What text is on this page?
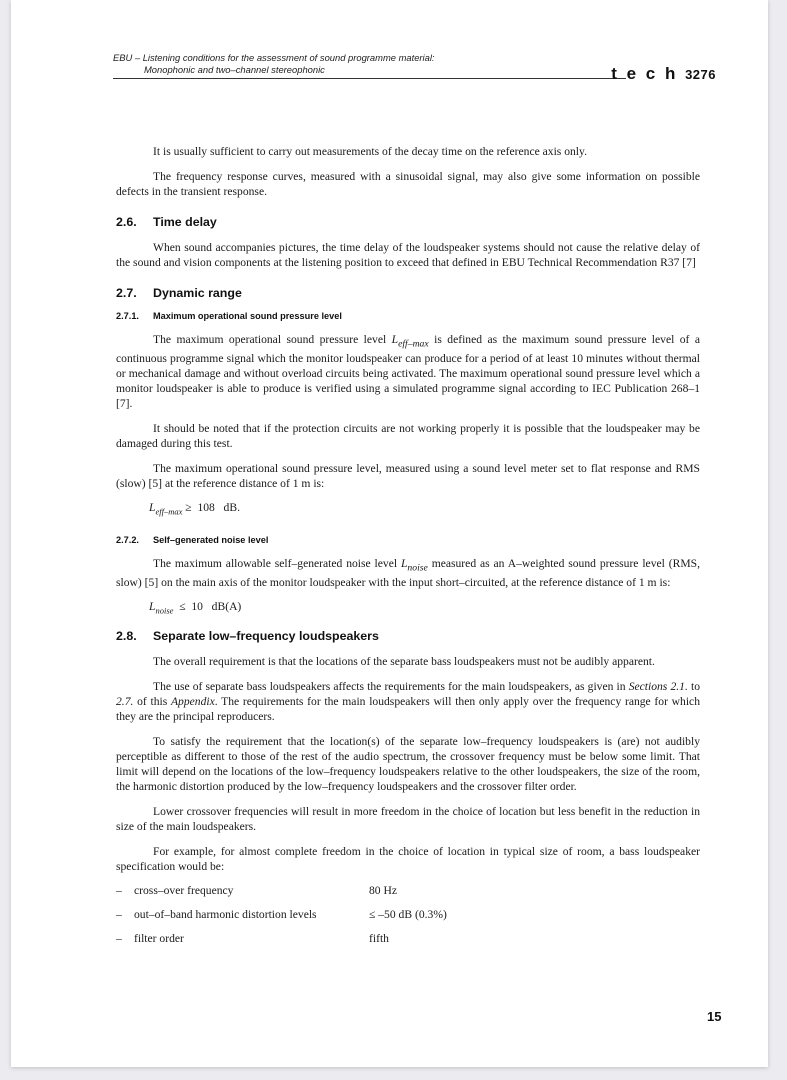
EBU – Listening conditions for the assessment of sound programme material:
Monophonic and two–channel stereophonic	t e c h 3276

It is usually sufficient to carry out measurements of the decay time on the reference axis only.

The frequency response curves, measured with a sinusoidal signal, may also give some information on possible defects in the transient response.

2.6. Time delay

When sound accompanies pictures, the time delay of the loudspeaker systems should not cause the relative delay of the sound and vision components at the listening position to exceed that defined in EBU Technical Recommendation R37 [7]

2.7. Dynamic range
2.7.1. Maximum operational sound pressure level

The maximum operational sound pressure level $L_{eff-max}$ is defined as the maximum sound pressure level of a continuous programme signal which the monitor loudspeaker can produce for a period of at least 10 minutes without thermal or mechanical damage and without overload circuits being activated. The maximum operational sound pressure level which a monitor loudspeaker is able to produce is verified using a simulated programme signal according to IEC Publication 268–1 [7].

It should be noted that if the protection circuits are not working properly it is possible that the loudspeaker may be damaged during this test.

The maximum operational sound pressure level, measured using a sound level meter set to flat response and RMS (slow) [5] at the reference distance of 1 m is:

$L_{eff-max} \ge 108$ dB.
2.7.2. Self–generated noise level

The maximum allowable self–generated noise level $L_{noise}$ measured as an A–weighted sound pressure level (RMS, slow) [5] on the main axis of the monitor loudspeaker with the input short–circuited, at the reference distance of 1 m is:

$L_{noise} \le 10$ dB(A)
2.8. Separate low–frequency loudspeakers

The overall requirement is that the locations of the separate bass loudspeakers must not be audibly apparent.

The use of separate bass loudspeakers affects the requirements for the main loudspeakers, as given in Sections 2.1. to 2.7. of this Appendix. The requirements for the main loudspeakers will then only apply over the frequency range for which they are the principal reproducers.

To satisfy the requirement that the location(s) of the separate low–frequency loudspeakers is (are) not audibly perceptible as different to those of the rest of the audio spectrum, the crossover frequency must be below some limit. That limit will depend on the locations of the low–frequency loudspeakers relative to the other loudspeakers, the size of the room, the harmonic distortion produced by the low–frequency loudspeakers and the crossover filter order.

Lower crossover frequencies will result in more freedom in the choice of location but less benefit in the reduction in size of the main loudspeakers.

For example, for almost complete freedom in the choice of location in typical size of room, a bass loudspeaker specification would be:

–	cross–over frequency	80 Hz
–	out–of–band harmonic distortion levels	≤ –50 dB (0.3%)
–	filter order	fifth
15
